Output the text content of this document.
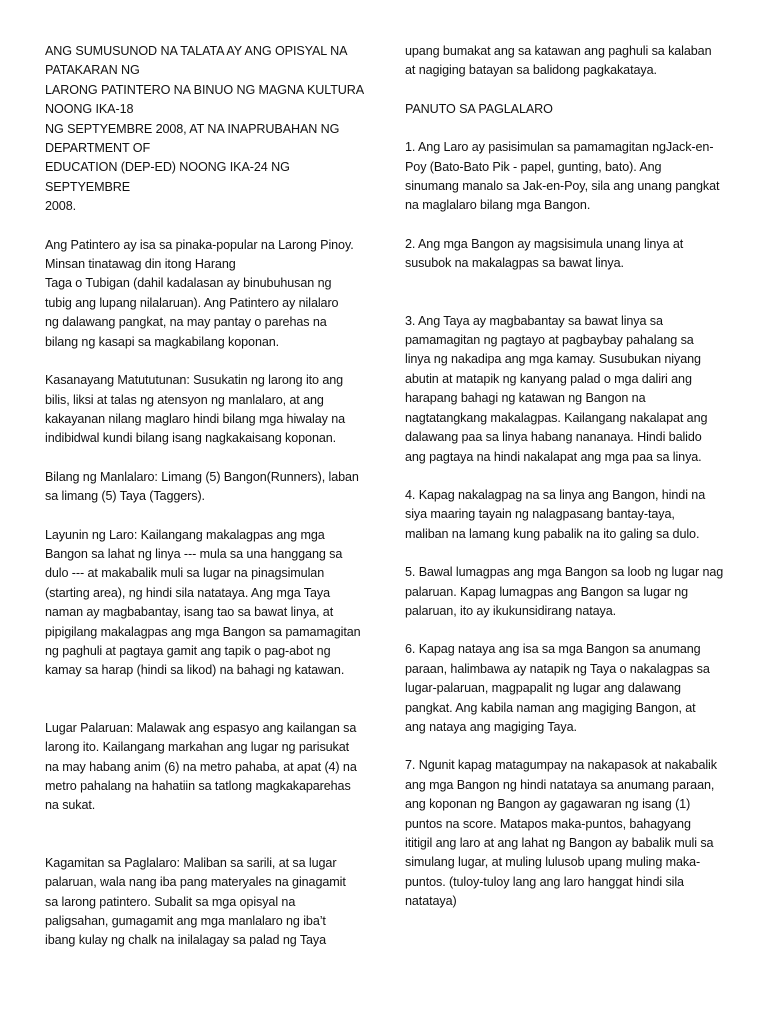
ANG SUMUSUNOD NA TALATA AY ANG OPISYAL NA
PATAKARAN NG
LARONG PATINTERO NA BINUO NG MAGNA KULTURA
NOONG IKA-18
NG SEPTYEMBRE 2008, AT NA INAPRUBAHAN NG
DEPARTMENT OF
EDUCATION (DEP-ED) NOONG IKA-24 NG SEPTYEMBRE
2008.

Ang Patintero ay isa sa pinaka-popular na Larong Pinoy.
Minsan tinatawag din itong Harang
Taga o Tubigan (dahil kadalasan ay binubuhusan ng
tubig ang lupang nilalaruan). Ang Patintero ay nilalaro
ng dalawang pangkat, na may pantay o parehas na
bilang ng kasapi sa magkabilang koponan.

Kasanayang Matututunan: Susukatin ng larong ito ang
bilis, liksi at talas ng atensyon ng manlalaro, at ang
kakayanan nilang maglaro hindi bilang mga hiwalay na
indibidwal kundi bilang isang nagkakaisang koponan.

Bilang ng Manlalaro: Limang (5) Bangon(Runners), laban
sa limang (5) Taya (Taggers).

Layunin ng Laro: Kailangang makalagpas ang mga
Bangon sa lahat ng linya --- mula sa una hanggang sa
dulo --- at makabalik muli sa lugar na pinagsimulan
(starting area), ng hindi sila natataya. Ang mga Taya
naman ay magbabantay, isang tao sa bawat linya, at
pipigilang makalagpas ang mga Bangon sa pamamagitan
ng paghuli at pagtaya gamit ang tapik o pag-abot ng
kamay sa harap (hindi sa likod) na bahagi ng katawan.

Lugar Palaruan: Malawak ang espasyo ang kailangan sa
larong ito. Kailangang markahan ang lugar ng parisukat
na may habang anim (6) na metro pahaba, at apat (4) na
metro pahalang na hahatiin sa tatlong magkakaparehas
na sukat.

Kagamitan sa Paglalaro: Maliban sa sarili, at sa lugar
palaruan, wala nang iba pang materyales na ginagamit
sa larong patintero. Subalit sa mga opisyal na
paligsahan, gumagamit ang mga manlalaro ng iba’t
ibang kulay ng chalk na inilalagay sa palad ng Taya

upang bumakat ang sa katawan ang paghuli sa kalaban
at nagiging batayan sa balidong pagkakataya.

PANUTO SA PAGLALARO

1. Ang Laro ay pasisimulan sa pamamagitan ngJack-en-
Poy (Bato-Bato Pik - papel, gunting, bato). Ang
sinumang manalo sa Jak-en-Poy, sila ang unang pangkat
na maglalaro bilang mga Bangon.

2. Ang mga Bangon ay magsisimula unang linya at
susubok na makalagpas sa bawat linya.

3. Ang Taya ay magbabantay sa bawat linya sa
pamamagitan ng pagtayo at pagbaybay pahalang sa
linya ng nakadipa ang mga kamay. Susubukan niyang
abutin at matapik ng kanyang palad o mga daliri ang
harapang bahagi ng katawan ng Bangon na
nagtatangkang makalagpas. Kailangang nakalapat ang
dalawang paa sa linya habang nananaya. Hindi balido
ang pagtaya na hindi nakalapat ang mga paa sa linya.

4. Kapag nakalagpag na sa linya ang Bangon, hindi na
siya maaring tayain ng nalagpasang bantay-taya,
maliban na lamang kung pabalik na ito galing sa dulo.

5. Bawal lumagpas ang mga Bangon sa loob ng lugar nag
palaruan. Kapag lumagpas ang Bangon sa lugar ng
palaruan, ito ay ikukunsidirang nataya.

6. Kapag nataya ang isa sa mga Bangon sa anumang
paraan, halimbawa ay natapik ng Taya o nakalagpas sa
lugar-palaruan, magpapalit ng lugar ang dalawang
pangkat. Ang kabila naman ang magiging Bangon, at
ang nataya ang magiging Taya.

7. Ngunit kapag matagumpay na nakapasok at nakabalik
ang mga Bangon ng hindi natataya sa anumang paraan,
ang koponan ng Bangon ay gagawaran ng isang (1)
puntos na score. Matapos maka-puntos, bahagyang
ititigil ang laro at ang lahat ng Bangon ay babalik muli sa
simulang lugar, at muling lulusob upang muling maka-
puntos. (tuloy-tuloy lang ang laro hanggat hindi sila
natataya)
